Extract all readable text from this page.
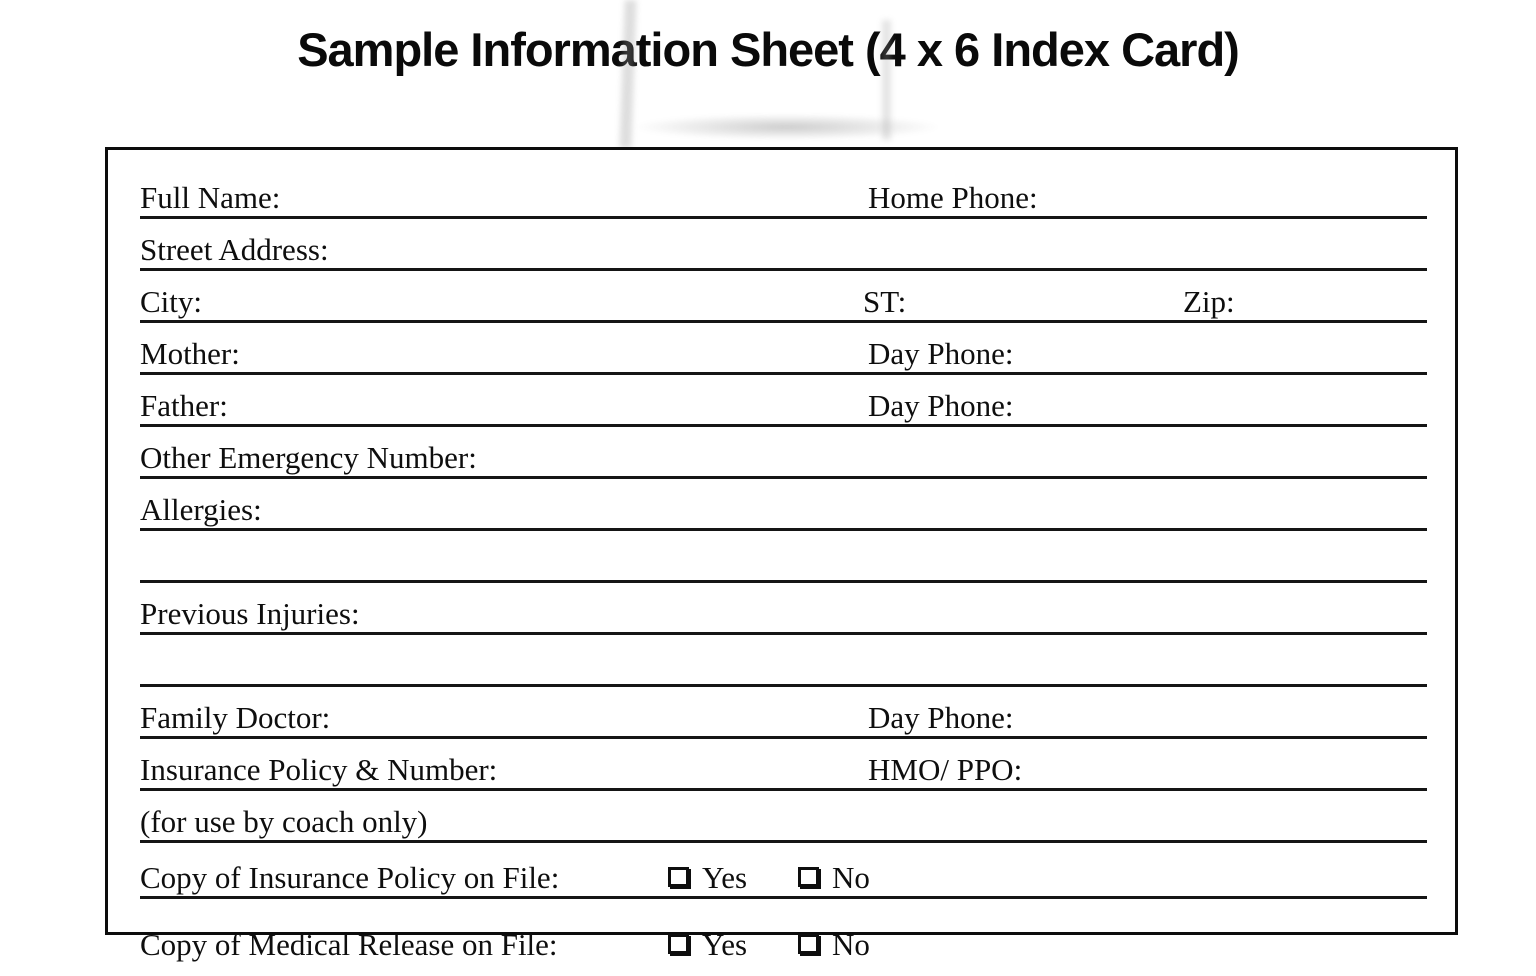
Sample Information Sheet (4 x 6 Index Card)
Full Name:	Home Phone:
Street Address:
City:	ST:	Zip:
Mother:	Day Phone:
Father:	Day Phone:
Other Emergency Number:
Allergies:
Previous Injuries:
Family Doctor:	Day Phone:
Insurance Policy & Number:	HMO/ PPO:
(for use by coach only)
Copy of Insurance Policy on File:	Yes	No
Copy of Medical Release on File:	Yes	No
